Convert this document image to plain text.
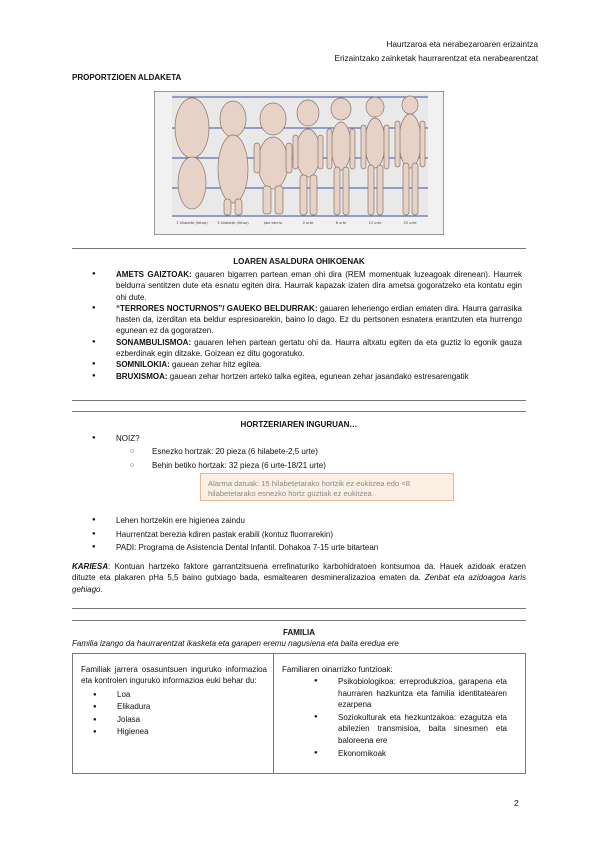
Haurtzaroa eta nerabezaroaren erizaintza
Erizaintzako zainketak haurrarentzat eta nerabearentzat
PROPORTZIOEN ALDAKETA
2 hilabete (fetua)	5 hilabete (fetua)	Jaio berria	2 urte	6 urte	12 urte	25 urte
LOAREN ASALDURA OHIKOENAK
● AMETS GAIZTOAK: gauaren bigarren partean eman ohi dira (REM momentuak luzeagoak direnean). Haurrek beldurra sentitzen dute eta esnatu egiten dira. Haurrak kapazak izaten dira ametsa gogoratzeko eta kontatu egin ohi dute.
● “TERRORES NOCTURNOS”/ GAUEKO BELDURRAK: gauaren lehenengo erdian ematen dira. Haurra garrasika hasten da, izerditan eta beldur espresioarekin, baino lo dago. Ez du pertsonen esnatera erantzuten eta hurrengo egunean ez da gogoratzen.
● SONAMBULISMOA: gauaren lehen partean gertatu ohi da. Haurra altxatu egiten da eta guztiz lo egonik gauza ezberdinak egin ditzake. Goizean ez ditu gogoratuko.
● SOMNILOKIA: gauean zehar hitz egitea.
● BRUXISMOA: gauean zehar hortzen arteko talka egitea, egunean zehar jasandako estresarengatik
HORTZERIAREN INGURUAN…
● NOIZ?
○ Esnezko hortzak: 20 pieza (6 hilabete-2,5 urte)
○ Behin betiko hortzak: 32 pieza (6 urte-18/21 urte)
Alarma datuak: 15 hilabetetarako hortzik ez eukitzea edo <8 hilabetetarako esnezko hortz guztiak ez eukitzea
● Lehen hortzekin ere higienea zaindu
● Haurrentzat berezia kdiren pastak erabili (kontuz fluorrarekin)
● PADI: Programa de Asistencia Dental Infantil. Dohakoa 7-15 urte bitartean
KARIESA: Kontuan hartzeko faktore garrantzitsuena errefinaturiko karbohidratoen kontsumoa da. Hauek azidoak eratzen dituzte eta plakaren pHa 5,5 baino gutxiago bada, esmaltearen desmineralizazioa ematen da. Zenbat eta azidoagoa karis gehiago.
FAMILIA
Familia izango da haurrarentzat ikasketa eta garapen eremu nagusiena eta baita eredua ere
Familiak jarrera osasuntsuen inguruko informazioa eta kontrolen inguruko informazioa euki behar du:
● Loa
● Elikadura
● Jolasa
● Higienea
Familiaren oinarrizko funtzioak:
● Psikobiologikoa: erreprodukzioa, garapena eta haurraren hazkuntza eta familia identitatearen ezarpena
● Soziokulturak eta hezkuntzakoa: ezagutza eta abilezien transmisioa, baita sinesmen eta baloreena ere
● Ekonomikoak
2
